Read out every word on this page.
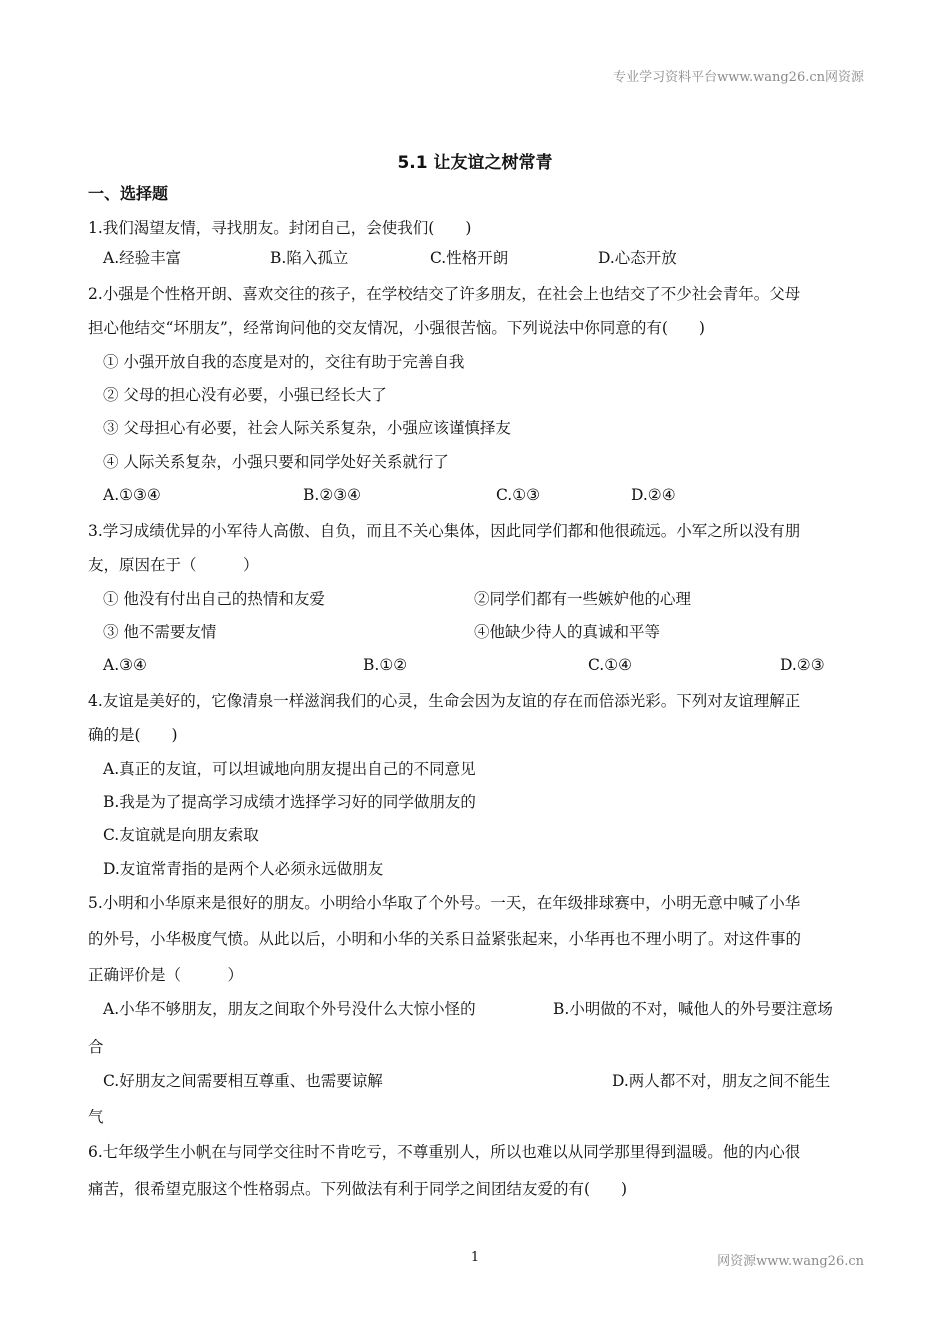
专业学习资料平台www.wang26.cn网资源
5.1 让友谊之树常青
一、选择题
1.我们渴望友情，寻找朋友。封闭自己，会使我们(　　)
A.经验丰富	B.陷入孤立	C.性格开朗	D.心态开放
2.小强是个性格开朗、喜欢交往的孩子，在学校结交了许多朋友，在社会上也结交了不少社会青年。父母
担心他结交“坏朋友”，经常询问他的交友情况，小强很苦恼。下列说法中你同意的有(　　)
① 小强开放自我的态度是对的，交往有助于完善自我
② 父母的担心没有必要，小强已经长大了
③ 父母担心有必要，社会人际关系复杂，小强应该谨慎择友
④ 人际关系复杂，小强只要和同学处好关系就行了
A.①③④	B.②③④	C.①③	D.②④
3.学习成绩优异的小军待人高傲、自负，而且不关心集体，因此同学们都和他很疏远。小军之所以没有朋
友，原因在于（　　　）
① 他没有付出自己的热情和友爱	②同学们都有一些嫉妒他的心理
③ 他不需要友情	④他缺少待人的真诚和平等
A.③④	B.①②	C.①④	D.②③
4.友谊是美好的，它像清泉一样滋润我们的心灵，生命会因为友谊的存在而倍添光彩。下列对友谊理解正
确的是(　　)
A.真正的友谊，可以坦诚地向朋友提出自己的不同意见
B.我是为了提高学习成绩才选择学习好的同学做朋友的
C.友谊就是向朋友索取
D.友谊常青指的是两个人必须永远做朋友
5.小明和小华原来是很好的朋友。小明给小华取了个外号。一天，在年级排球赛中，小明无意中喊了小华
的外号，小华极度气愤。从此以后，小明和小华的关系日益紧张起来，小华再也不理小明了。对这件事的
正确评价是（　　　）
A.小华不够朋友，朋友之间取个外号没什么大惊小怪的	B.小明做的不对，喊他人的外号要注意场
合
C.好朋友之间需要相互尊重、也需要谅解	D.两人都不对，朋友之间不能生
气
6.七年级学生小帆在与同学交往时不肯吃亏，不尊重别人，所以也难以从同学那里得到温暖。他的内心很
痛苦，很希望克服这个性格弱点。下列做法有利于同学之间团结友爱的有(　　)
1	网资源www.wang26.cn
